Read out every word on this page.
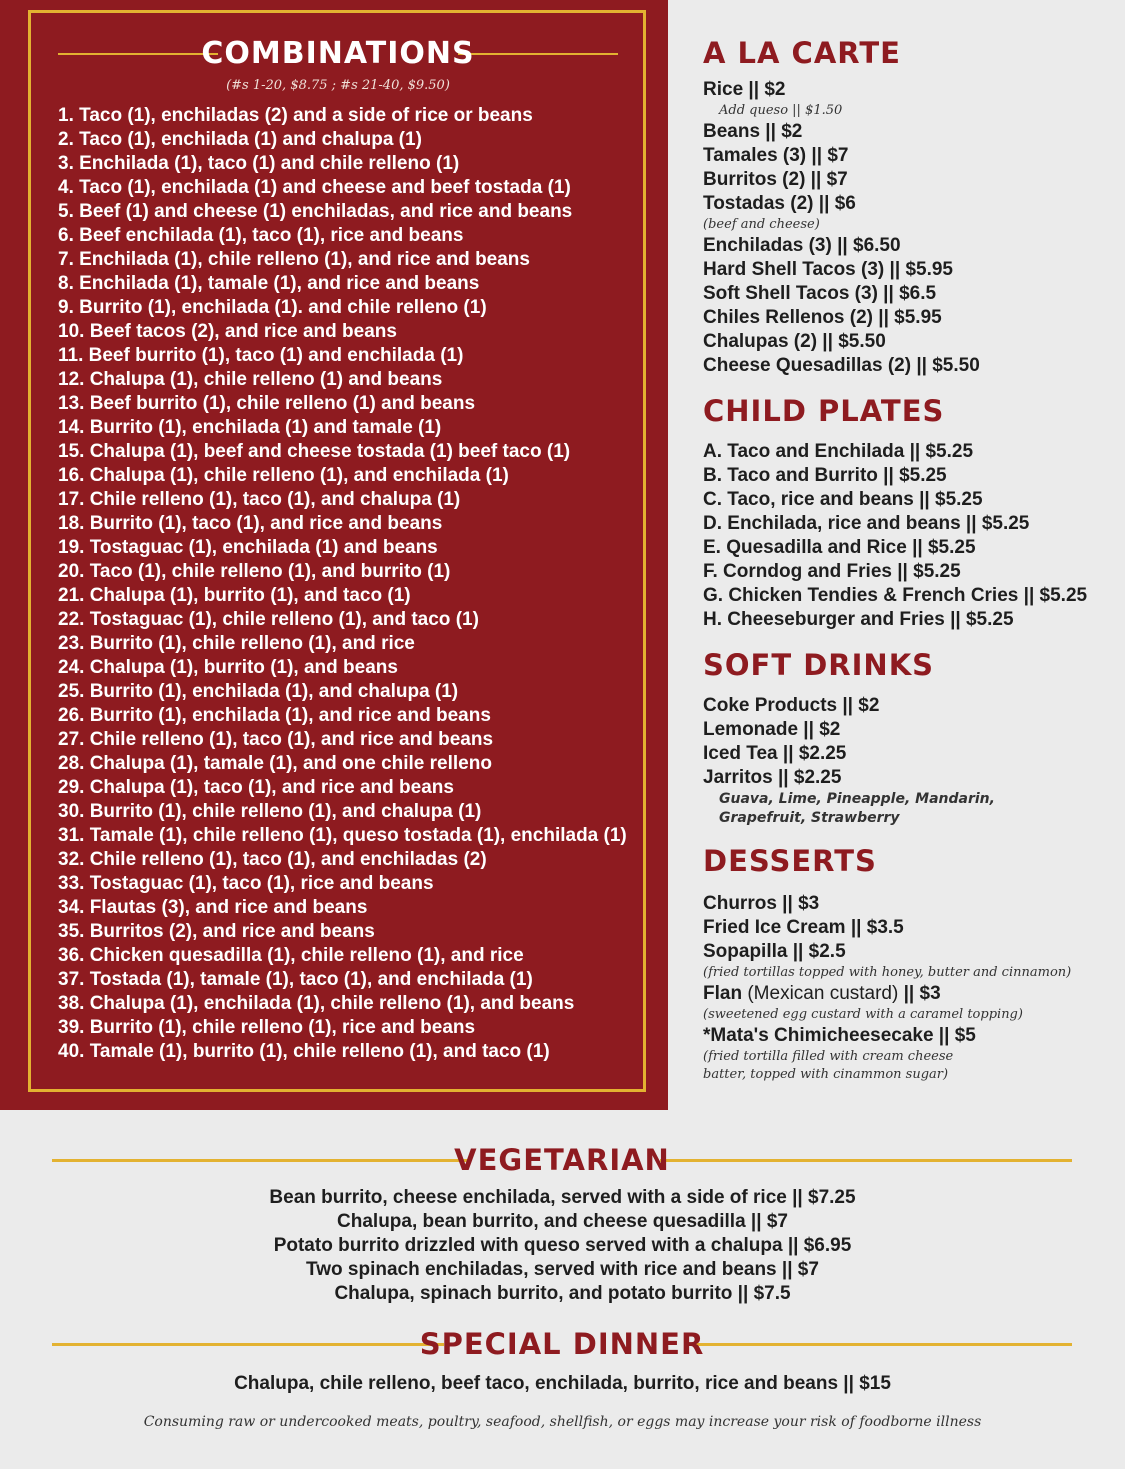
COMBINATIONS
(#s 1-20, $8.75 ; #s 21-40, $9.50)
1. Taco (1), enchiladas (2) and a side of rice or beans
2. Taco (1), enchilada (1) and chalupa (1)
3. Enchilada (1), taco (1) and chile relleno (1)
4. Taco (1), enchilada (1) and cheese and beef tostada (1)
5. Beef (1) and cheese (1) enchiladas, and rice and beans
6. Beef enchilada (1), taco (1), rice and beans
7. Enchilada (1), chile relleno (1), and rice and beans
8. Enchilada (1), tamale (1), and rice and beans
9. Burrito (1), enchilada (1). and chile relleno (1)
10. Beef tacos (2), and rice and beans
11. Beef burrito (1), taco (1) and enchilada (1)
12. Chalupa (1), chile relleno (1) and beans
13. Beef burrito (1), chile relleno (1) and beans
14. Burrito (1), enchilada (1) and tamale (1)
15. Chalupa (1), beef and cheese tostada (1) beef taco (1)
16. Chalupa (1), chile relleno (1), and enchilada (1)
17. Chile relleno (1), taco (1), and chalupa (1)
18. Burrito (1), taco (1), and rice and beans
19. Tostaguac (1), enchilada (1) and beans
20. Taco (1), chile relleno (1), and burrito (1)
21. Chalupa (1), burrito (1), and taco (1)
22. Tostaguac (1), chile relleno (1), and taco (1)
23. Burrito (1), chile relleno (1), and rice
24. Chalupa (1), burrito (1), and beans
25. Burrito (1), enchilada (1), and chalupa (1)
26. Burrito (1), enchilada (1), and rice and beans
27. Chile relleno (1), taco (1), and rice and beans
28. Chalupa (1), tamale (1), and one chile relleno
29. Chalupa (1), taco (1), and rice and beans
30. Burrito (1), chile relleno (1), and chalupa (1)
31. Tamale (1), chile relleno (1), queso tostada (1), enchilada (1)
32. Chile relleno (1), taco (1), and enchiladas (2)
33. Tostaguac (1), taco (1), rice and beans
34. Flautas (3), and rice and beans
35. Burritos (2), and rice and beans
36. Chicken quesadilla (1), chile relleno (1), and rice
37. Tostada (1), tamale (1), taco (1), and enchilada (1)
38. Chalupa (1), enchilada (1), chile relleno (1), and beans
39. Burrito (1), chile relleno (1), rice and beans
40. Tamale (1), burrito (1), chile relleno (1), and taco (1)
A LA CARTE
Rice || $2
Add queso || $1.50
Beans || $2
Tamales (3) || $7
Burritos (2) || $7
Tostadas (2) || $6
(beef and cheese)
Enchiladas (3) || $6.50
Hard Shell Tacos (3) || $5.95
Soft Shell Tacos (3) || $6.5
Chiles Rellenos (2) || $5.95
Chalupas (2) || $5.50
Cheese Quesadillas (2) || $5.50
CHILD PLATES
A. Taco and Enchilada || $5.25
B. Taco and Burrito || $5.25
C. Taco, rice and beans || $5.25
D. Enchilada, rice and beans || $5.25
E. Quesadilla and Rice || $5.25
F. Corndog and Fries || $5.25
G. Chicken Tendies & French Cries || $5.25
H. Cheeseburger and Fries || $5.25
SOFT DRINKS
Coke Products || $2
Lemonade || $2
Iced Tea || $2.25
Jarritos || $2.25
Guava, Lime, Pineapple, Mandarin,
Grapefruit, Strawberry
DESSERTS
Churros || $3
Fried Ice Cream || $3.5
Sopapilla || $2.5
(fried tortillas topped with honey, butter and cinnamon)
Flan (Mexican custard) || $3
(sweetened egg custard with a caramel topping)
*Mata's Chimicheesecake || $5
(fried tortilla filled with cream cheese
batter, topped with cinammon sugar)
VEGETARIAN
Bean burrito, cheese enchilada, served with a side of rice || $7.25
Chalupa, bean burrito, and cheese quesadilla || $7
Potato burrito drizzled with queso served with a chalupa || $6.95
Two spinach enchiladas, served with rice and beans || $7
Chalupa, spinach burrito, and potato burrito || $7.5
SPECIAL DINNER
Chalupa, chile relleno, beef taco, enchilada, burrito, rice and beans || $15
Consuming raw or undercooked meats, poultry, seafood, shellfish, or eggs may increase your risk of foodborne illness
